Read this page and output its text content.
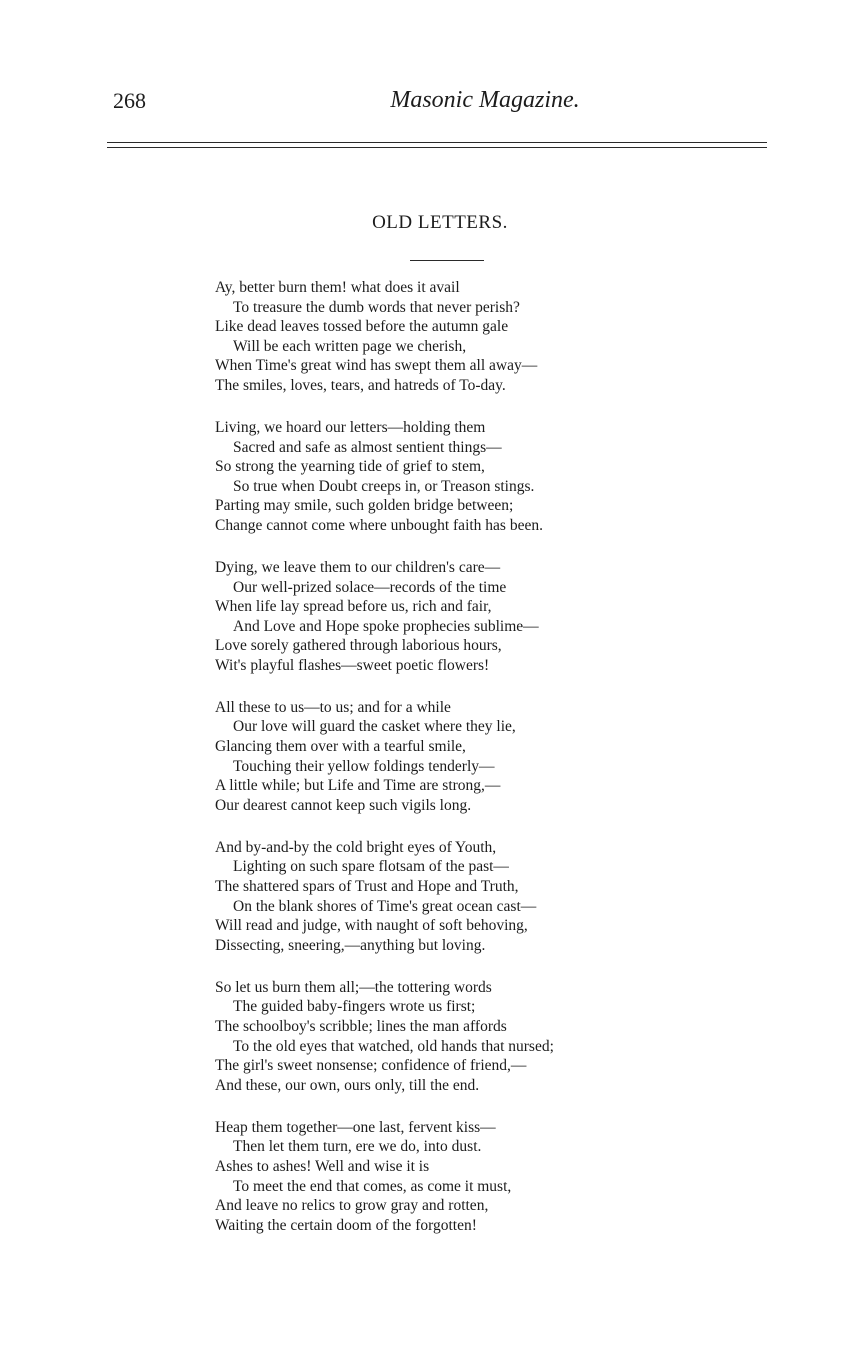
268	Masonic Magazine.
OLD LETTERS.
Ay, better burn them! what does it avail
To treasure the dumb words that never perish?
Like dead leaves tossed before the autumn gale
Will be each written page we cherish,
When Time's great wind has swept them all away—
The smiles, loves, tears, and hatreds of To-day.
Living, we hoard our letters—holding them
Sacred and safe as almost sentient things—
So strong the yearning tide of grief to stem,
So true when Doubt creeps in, or Treason stings.
Parting may smile, such golden bridge between;
Change cannot come where unbought faith has been.
Dying, we leave them to our children's care—
Our well-prized solace—records of the time
When life lay spread before us, rich and fair,
And Love and Hope spoke prophecies sublime—
Love sorely gathered through laborious hours,
Wit's playful flashes—sweet poetic flowers!
All these to us—to us; and for a while
Our love will guard the casket where they lie,
Glancing them over with a tearful smile,
Touching their yellow foldings tenderly—
A little while; but Life and Time are strong,—
Our dearest cannot keep such vigils long.
And by-and-by the cold bright eyes of Youth,
Lighting on such spare flotsam of the past—
The shattered spars of Trust and Hope and Truth,
On the blank shores of Time's great ocean cast—
Will read and judge, with naught of soft behoving,
Dissecting, sneering,—anything but loving.
So let us burn them all;—the tottering words
The guided baby-fingers wrote us first;
The schoolboy's scribble; lines the man affords
To the old eyes that watched, old hands that nursed;
The girl's sweet nonsense; confidence of friend,—
And these, our own, ours only, till the end.
Heap them together—one last, fervent kiss—
Then let them turn, ere we do, into dust.
Ashes to ashes! Well and wise it is
To meet the end that comes, as come it must,
And leave no relics to grow gray and rotten,
Waiting the certain doom of the forgotten!
